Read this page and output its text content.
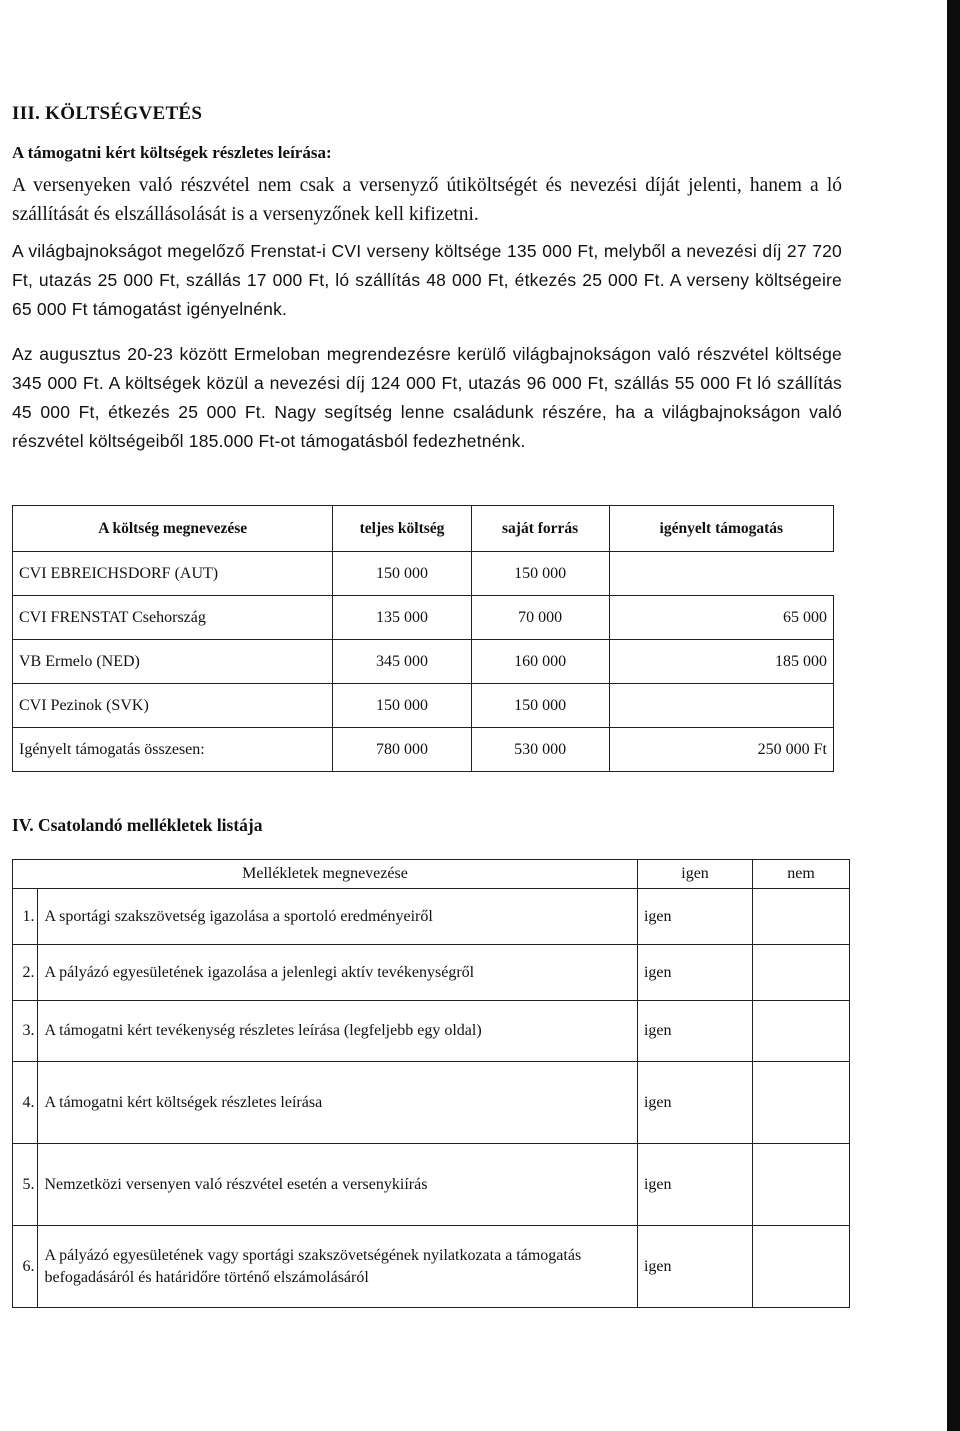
III. KÖLTSÉGVETÉS
A támogatni kért költségek részletes leírása:

A versenyeken való részvétel nem csak a versenyző útiköltségét és nevezési díját jelenti, hanem a ló szállítását és elszállásolását is a versenyzőnek kell kifizetni.

A világbajnokságot megelőző Frenstat-i CVI verseny költsége 135 000 Ft, melyből a nevezési díj 27 720 Ft, utazás 25 000 Ft, szállás 17 000 Ft, ló szállítás 48 000 Ft, étkezés 25 000 Ft. A verseny költségeire 65 000 Ft támogatást igényelnénk.

Az augusztus 20-23 között Ermeloban megrendezésre kerülő világbajnokságon való részvétel költsége 345 000 Ft. A költségek közül a nevezési díj 124 000 Ft, utazás 96 000 Ft, szállás 55 000 Ft ló szállítás 45 000 Ft, étkezés 25 000 Ft. Nagy segítség lenne családunk részére, ha a világbajnokságon való részvétel költségeiből 185.000 Ft-ot támogatásból fedezhetnénk.

A költség megnevezése	teljes költség	saját forrás	igényelt támogatás
CVI EBREICHSDORF (AUT)	150 000	150 000	
CVI FRENSTAT Csehország	135 000	70 000	65 000
VB Ermelo (NED)	345 000	160 000	185 000
CVI Pezinok (SVK)	150 000	150 000	
Igényelt támogatás összesen:	780 000	530 000	250 000 Ft
IV. Csatolandó mellékletek listája
Mellékletek megnevezése		igen	nem
1.	A sportági szakszövetség igazolása a sportoló eredményeiről	igen	
2.	A pályázó egyesületének igazolása a jelenlegi aktív tevékenységről	igen	
3.	A támogatni kért tevékenység részletes leírása (legfeljebb egy oldal)	igen	
4.	A támogatni kért költségek részletes leírása	igen	
5.	Nemzetközi versenyen való részvétel esetén a versenykiírás	igen	
6.	A pályázó egyesületének vagy sportági szakszövetségének nyilatkozata a támogatás befogadásáról és határidőre történő elszámolásáról	igen	
